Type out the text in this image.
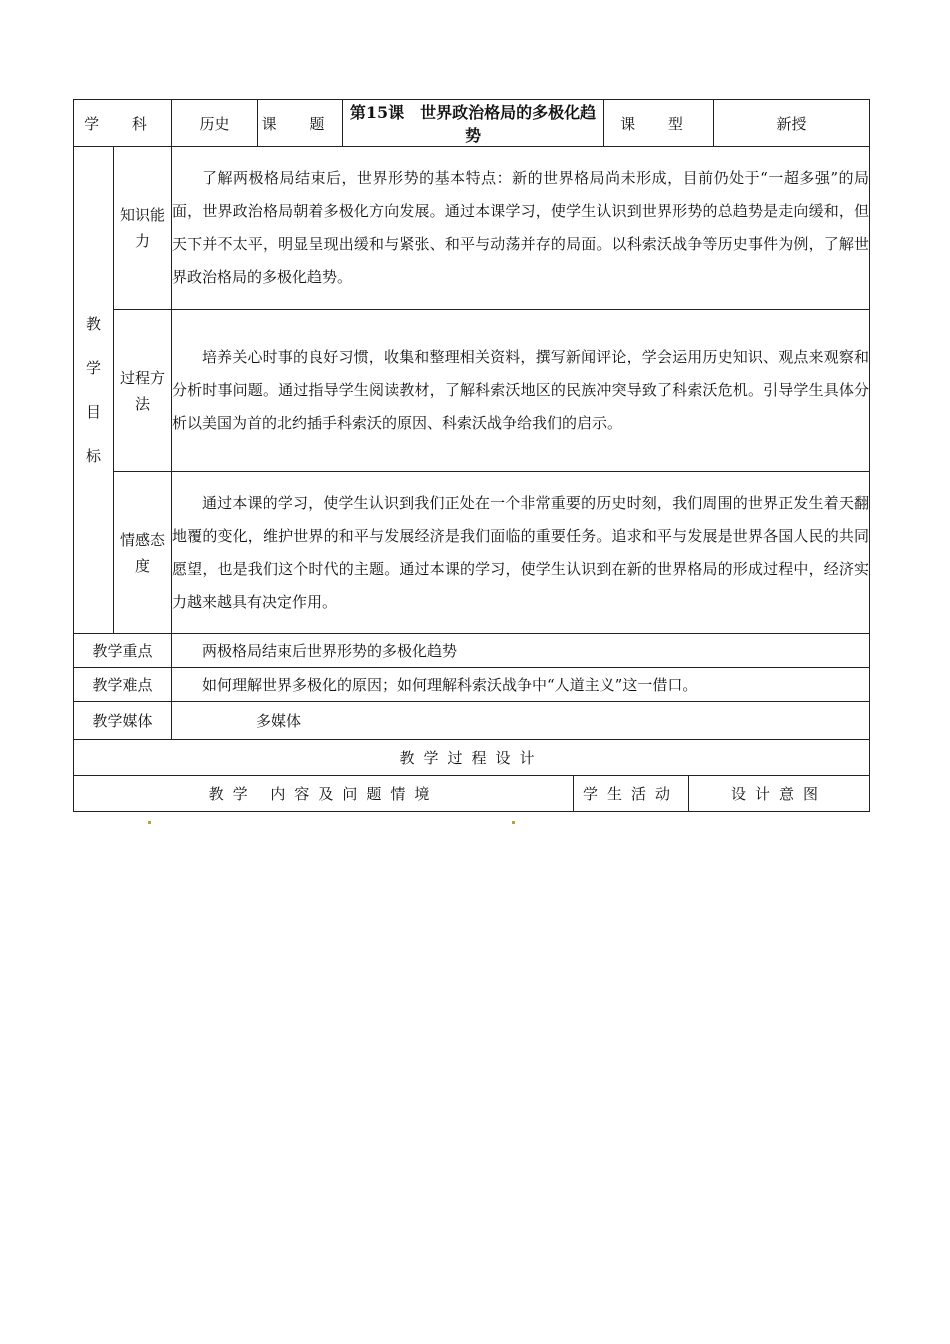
学 科		历史	课 题	第15课　世界政治格局的多极化趋势		课 型		新授

教
学
目
标	知识能力	了解两极格局结束后，世界形势的基本特点：新的世界格局尚未形成，目前仍处于“一超多强”的局面，世界政治格局朝着多极化方向发展。通过本课学习，使学生认识到世界形势的总趋势是走向缓和，但天下并不太平，明显呈现出缓和与紧张、和平与动荡并存的局面。以科索沃战争等历史事件为例，了解世界政治格局的多极化趋势。						
	过程方法	培养关心时事的良好习惯，收集和整理相关资料，撰写新闻评论，学会运用历史知识、观点来观察和分析时事问题。通过指导学生阅读教材，了解科索沃地区的民族冲突导致了科索沃危机。引导学生具体分析以美国为首的北约插手科索沃的原因、科索沃战争给我们的启示。						
	情感态度	通过本课的学习，使学生认识到我们正处在一个非常重要的历史时刻，我们周围的世界正发生着天翻地覆的变化，维护世界的和平与发展经济是我们面临的重要任务。追求和平与发展是世界各国人民的共同愿望，也是我们这个时代的主题。通过本课的学习，使学生认识到在新的世界格局的形成过程中，经济实力越来越具有决定作用。						
教学重点		两极格局结束后世界形势的多极化趋势						
教学难点		如何理解世界多极化的原因；如何理解科索沃战争中“人道主义”这一借口。						
教学媒体		多媒体						
教学过程设计								
教学 内容及问题情境					学生活动		设计意图	
